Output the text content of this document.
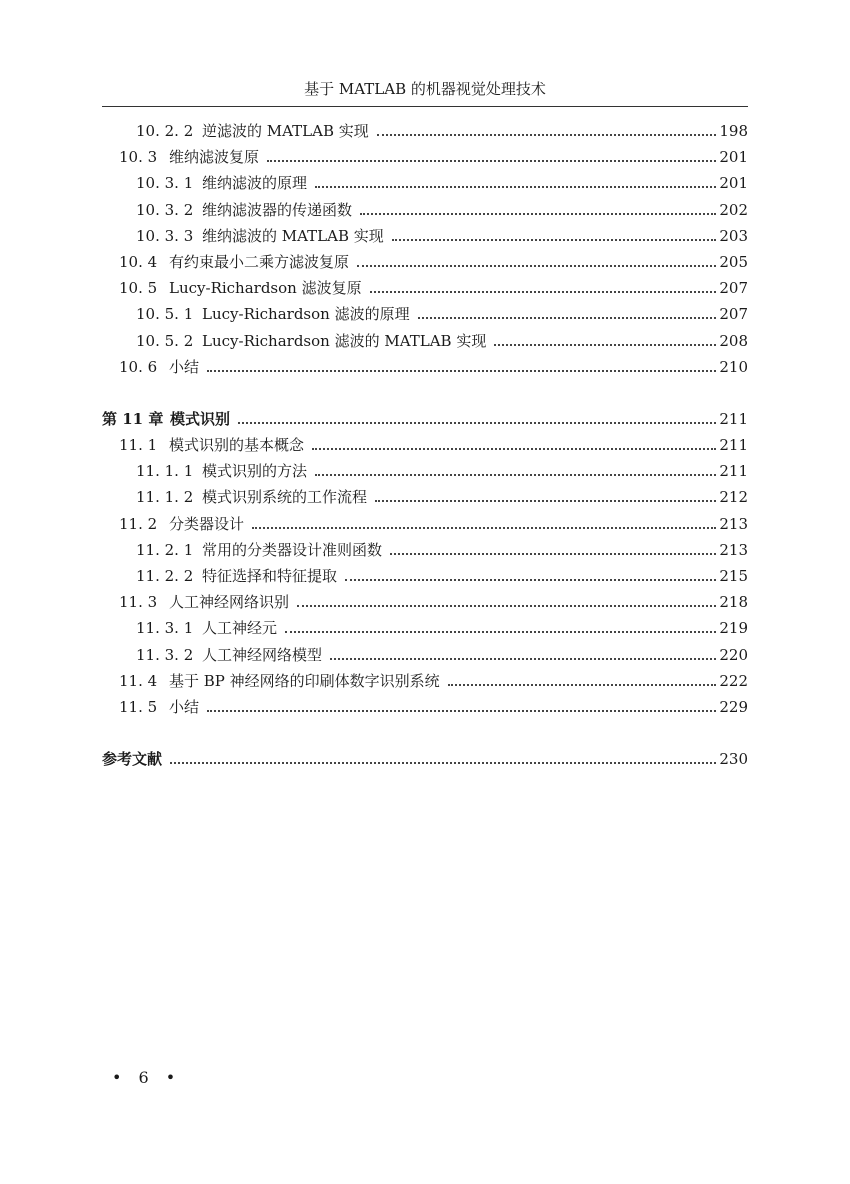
基于 MATLAB 的机器视觉处理技术
10. 2. 2 逆滤波的 MATLAB 实现	198
10. 3 维纳滤波复原	201
10. 3. 1 维纳滤波的原理	201
10. 3. 2 维纳滤波器的传递函数	202
10. 3. 3 维纳滤波的 MATLAB 实现	203
10. 4 有约束最小二乘方滤波复原	205
10. 5 Lucy-Richardson 滤波复原	207
10. 5. 1 Lucy-Richardson 滤波的原理	207
10. 5. 2 Lucy-Richardson 滤波的 MATLAB 实现	208
10. 6 小结	210
第 11 章 模式识别	211
11. 1 模式识别的基本概念	211
11. 1. 1 模式识别的方法	211
11. 1. 2 模式识别系统的工作流程	212
11. 2 分类器设计	213
11. 2. 1 常用的分类器设计准则函数	213
11. 2. 2 特征选择和特征提取	215
11. 3 人工神经网络识别	218
11. 3. 1 人工神经元	219
11. 3. 2 人工神经网络模型	220
11. 4 基于 BP 神经网络的印刷体数字识别系统	222
11. 5 小结	229
参考文献	230
• 6 •
